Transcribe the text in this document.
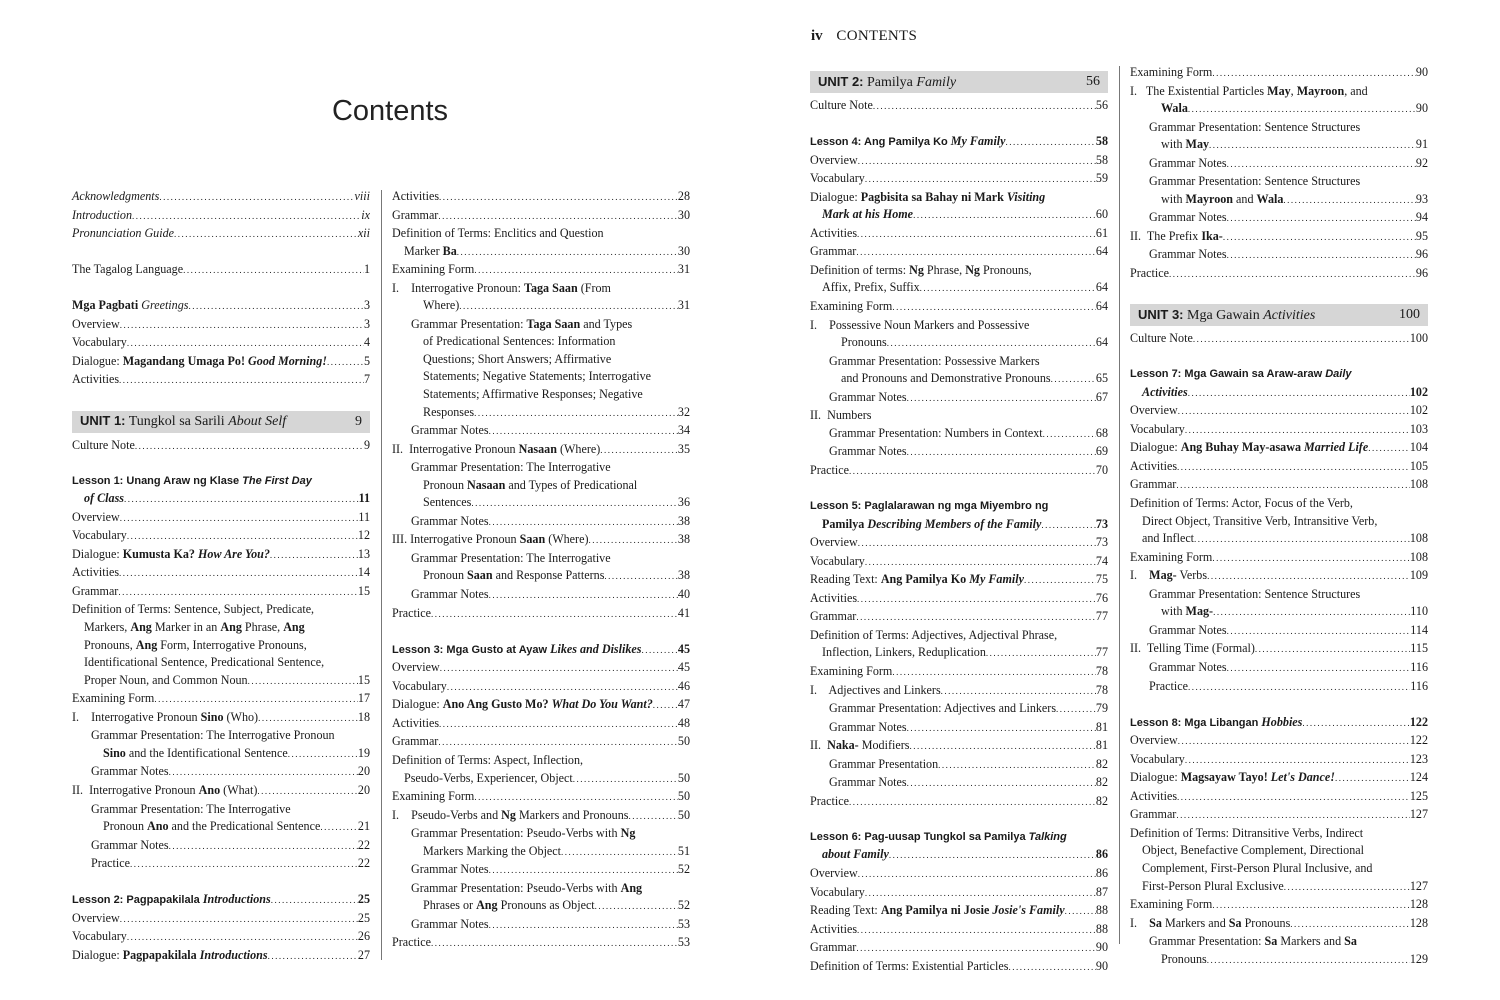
Contents
iv CONTENTS
Acknowledgments .....	viii
Introduction .....	ix
Pronunciation Guide .....	xii
The Tagalog Language .....	1
Mga Pagbati Greetings .....	3
Overview .....	3
Vocabulary .....	4
Dialogue: Magandang Umaga Po! Good Morning! .....	5
Activities .....	7
UNIT 1: Tungkol sa Sarili About Self	9
Culture Note .....	9
Lesson 1: Unang Araw ng Klase The First Day
of Class .....	11
Overview .....	11
Vocabulary .....	12
Dialogue: Kumusta Ka? How Are You? .....	13
Activities .....	14
Grammar .....	15
Definition of Terms: Sentence, Subject, Predicate,
Markers, Ang Marker in an Ang Phrase, Ang
Pronouns, Ang Form, Interrogative Pronouns,
Identificational Sentence, Predicational Sentence,
Proper Noun, and Common Noun .....	15
Examining Form .....	17
I.    Interrogative Pronoun Sino (Who) .....	18
Grammar Presentation: The Interrogative Pronoun
Sino and the Identificational Sentence .....	19
Grammar Notes .....	20
II.  Interrogative Pronoun Ano (What) .....	20
Grammar Presentation: The Interrogative
Pronoun Ano and the Predicational Sentence .....	21
Grammar Notes .....	22
Practice .....	22
Lesson 2: Pagpapakilala Introductions .....	25
Overview .....	25
Vocabulary .....	26
Dialogue: Pagpapakilala Introductions .....	27
Activities .....	28
Grammar .....	30
Definition of Terms: Enclitics and Question
Marker Ba .....	30
Examining Form .....	31
I.    Interrogative Pronoun: Taga Saan (From
Where) .....	31
Grammar Presentation: Taga Saan and Types
of Predicational Sentences: Information
Questions; Short Answers; Affirmative
Statements; Negative Statements; Interrogative
Statements; Affirmative Responses; Negative
Responses .....	32
Grammar Notes .....	34
II.  Interrogative Pronoun Nasaan (Where) .....	35
Grammar Presentation: The Interrogative
Pronoun Nasaan and Types of Predicational
Sentences .....	36
Grammar Notes .....	38
III. Interrogative Pronoun Saan (Where) .....	38
Grammar Presentation: The Interrogative
Pronoun Saan and Response Patterns .....	38
Grammar Notes .....	40
Practice .....	41
Lesson 3: Mga Gusto at Ayaw Likes and Dislikes .....	45
Overview .....	45
Vocabulary .....	46
Dialogue: Ano Ang Gusto Mo? What Do You Want? ..... 47
Activities .....	48
Grammar .....	50
Definition of Terms: Aspect, Inflection,
Pseudo-Verbs, Experiencer, Object .....	50
Examining Form .....	50
I.    Pseudo-Verbs and Ng Markers and Pronouns .....	50
Grammar Presentation: Pseudo-Verbs with Ng
Markers Marking the Object .....	51
Grammar Notes .....	52
Grammar Presentation: Pseudo-Verbs with Ang
Phrases or Ang Pronouns as Object .....	52
Grammar Notes .....	53
Practice .....	53
UNIT 2: Pamilya Family	56
Culture Note .....	56
Lesson 4: Ang Pamilya Ko My Family .....	58
Overview .....	58
Vocabulary .....	59
Dialogue: Pagbisita sa Bahay ni Mark Visiting
Mark at his Home .....	60
Activities .....	61
Grammar .....	64
Definition of terms: Ng Phrase, Ng Pronouns,
Affix, Prefix, Suffix .....	64
Examining Form .....	64
I.    Possessive Noun Markers and Possessive
Pronouns .....	64
Grammar Presentation: Possessive Markers
and Pronouns and Demonstrative Pronouns .....	65
Grammar Notes .....	67
II.  Numbers
Grammar Presentation: Numbers in Context .....	68
Grammar Notes .....	69
Practice .....	70
Lesson 5: Paglalarawan ng mga Miyembro ng
Pamilya Describing Members of the Family .....	73
Overview .....	73
Vocabulary .....	74
Reading Text: Ang Pamilya Ko My Family .....	75
Activities .....	76
Grammar .....	77
Definition of Terms: Adjectives, Adjectival Phrase,
Inflection, Linkers, Reduplication .....	77
Examining Form .....	78
I.    Adjectives and Linkers .....	78
Grammar Presentation: Adjectives and Linkers .....	79
Grammar Notes .....	81
II.  Naka- Modifiers .....	81
Grammar Presentation .....	82
Grammar Notes .....	82
Practice .....	82
Lesson 6: Pag-uusap Tungkol sa Pamilya Talking
about Family .....	86
Overview .....	86
Vocabulary .....	87
Reading Text: Ang Pamilya ni Josie Josie's Family .....	88
Activities .....	88
Grammar .....	90
Definition of Terms: Existential Particles .....	90
Examining Form .....	90
I.   The Existential Particles May, Mayroon, and
Wala .....	90
Grammar Presentation: Sentence Structures
with May .....	91
Grammar Notes .....	92
Grammar Presentation: Sentence Structures
with Mayroon and Wala .....	93
Grammar Notes .....	94
II.  The Prefix Ika- .....	95
Grammar Notes .....	96
Practice .....	96
UNIT 3: Mga Gawain Activities	100
Culture Note .....	100
Lesson 7: Mga Gawain sa Araw-araw Daily
Activities .....	102
Overview .....	102
Vocabulary .....	103
Dialogue: Ang Buhay May-asawa Married Life .....	104
Activities .....	105
Grammar .....	108
Definition of Terms: Actor, Focus of the Verb,
Direct Object, Transitive Verb, Intransitive Verb,
and Inflect .....	108
Examining Form .....	108
I.    Mag- Verbs .....	109
Grammar Presentation: Sentence Structures
with Mag- .....	110
Grammar Notes .....	114
II.  Telling Time (Formal) .....	115
Grammar Notes .....	116
Practice .....	116
Lesson 8: Mga Libangan Hobbies .....	122
Overview .....	122
Vocabulary .....	123
Dialogue: Magsayaw Tayo! Let's Dance! .....	124
Activities .....	125
Grammar .....	127
Definition of Terms: Ditransitive Verbs, Indirect
Object, Benefactive Complement, Directional
Complement, First-Person Plural Inclusive, and
First-Person Plural Exclusive .....	127
Examining Form .....	128
I.    Sa Markers and Sa Pronouns .....	128
Grammar Presentation: Sa Markers and Sa
Pronouns .....	129
